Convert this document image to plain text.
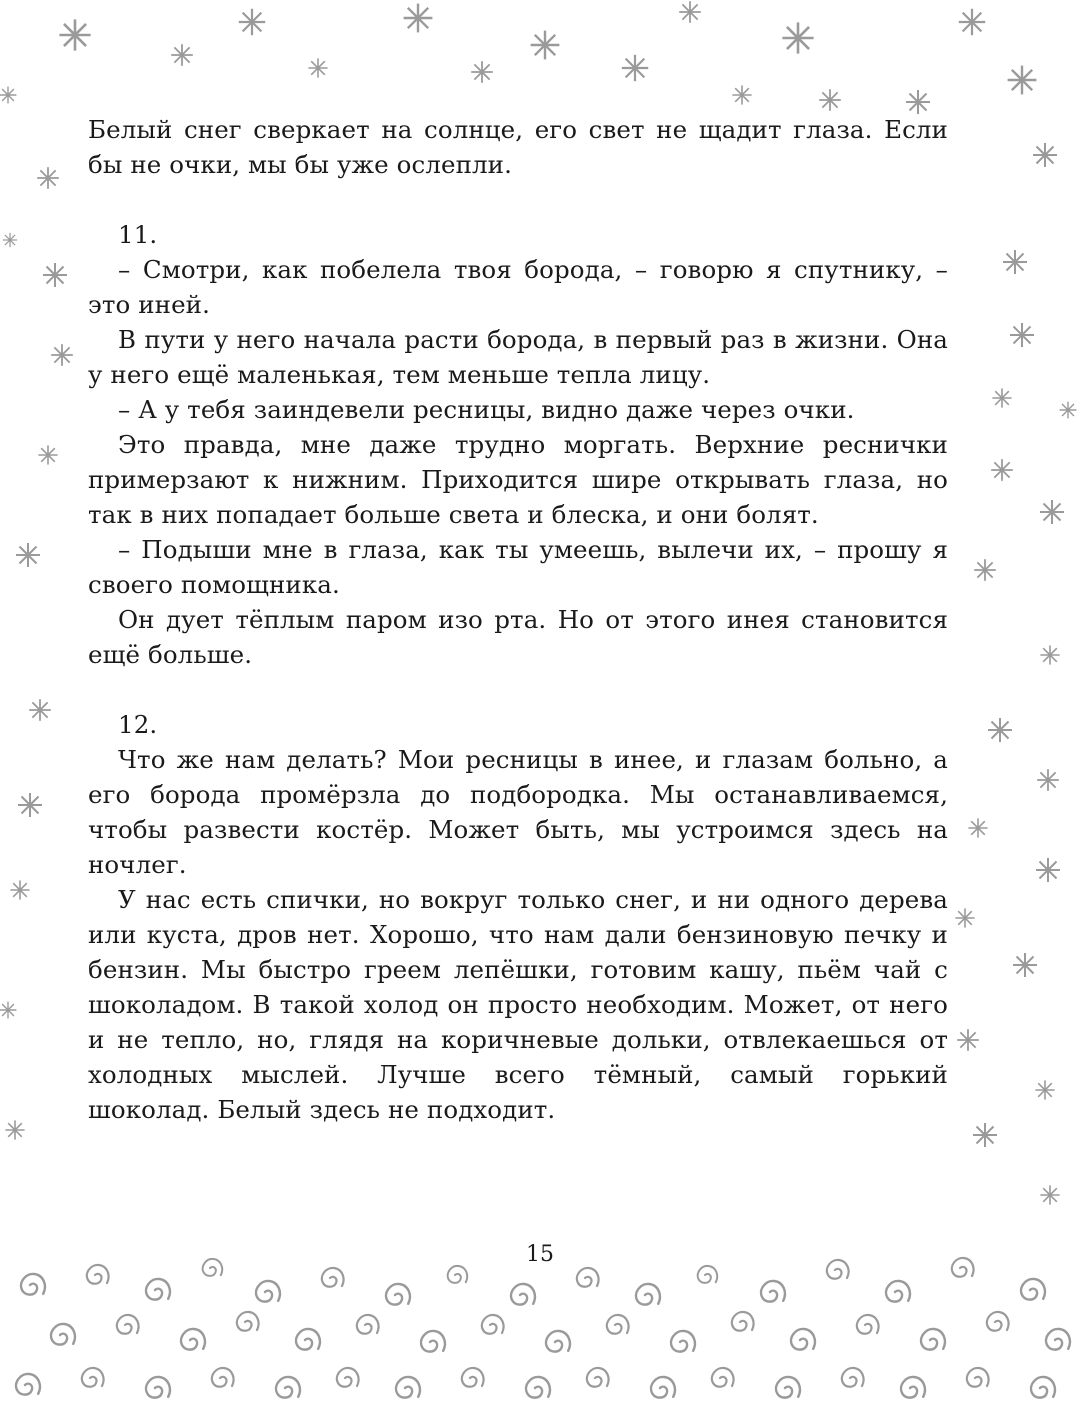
Белый снег сверкает на солнце, его свет не щадит глаза. Если бы не очки, мы бы уже ослепли.

11.

– Смотри, как побелела твоя борода, – говорю я спутнику, – это иней.

В пути у него начала расти борода, в первый раз в жизни. Она у него ещё маленькая, тем меньше тепла лицу.

– А у тебя заиндевели ресницы, видно даже через очки.

Это правда, мне даже трудно моргать. Верхние реснички примерзают к нижним. Приходится шире открывать глаза, но так в них попадает больше света и блеска, и они болят.

– Подыши мне в глаза, как ты умеешь, вылечи их, – прошу я своего помощника.

Он дует тёплым паром изо рта. Но от этого инея становится ещё больше.

12.

Что же нам делать? Мои ресницы в инее, и глазам больно, а его борода промёрзла до подбородка. Мы останавливаемся, чтобы развести костёр. Может быть, мы устроимся здесь на ночлег.

У нас есть спички, но вокруг только снег, и ни одного дерева или куста, дров нет. Хорошо, что нам дали бензиновую печку и бензин. Мы быстро греем лепёшки, готовим кашу, пьём чай с шоколадом. В такой холод он просто необходим. Может, от него и не тепло, но, глядя на коричневые дольки, отвлекаешься от холодных мыслей. Лучше всего тёмный, самый горький шоколад. Белый здесь не подходит.

15
